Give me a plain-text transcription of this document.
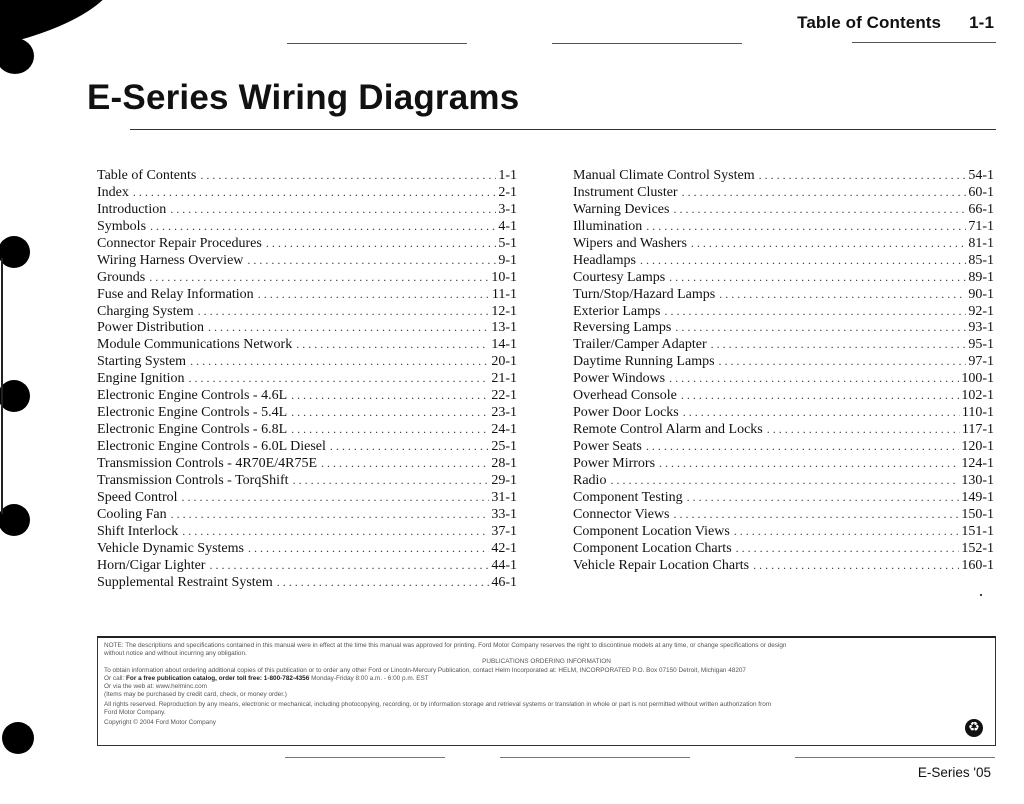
Table of Contents 1-1
E-Series Wiring Diagrams
Table of Contents . . .	1-1
Index . . .	2-1
Introduction . . .	3-1
Symbols . . .	4-1
Connector Repair Procedures . . .	5-1
Wiring Harness Overview . . .	9-1
Grounds . . .	10-1
Fuse and Relay Information . . .	11-1
Charging System . . .	12-1
Power Distribution . . .	13-1
Module Communications Network . . .	14-1
Starting System . . .	20-1
Engine Ignition . . .	21-1
Electronic Engine Controls - 4.6L . . .	22-1
Electronic Engine Controls - 5.4L . . .	23-1
Electronic Engine Controls - 6.8L . . .	24-1
Electronic Engine Controls - 6.0L Diesel . . .	25-1
Transmission Controls - 4R70E/4R75E . . .	28-1
Transmission Controls - TorqShift . . .	29-1
Speed Control . . .	31-1
Cooling Fan . . .	33-1
Shift Interlock . . .	37-1
Vehicle Dynamic Systems . . .	42-1
Horn/Cigar Lighter . . .	44-1
Supplemental Restraint System . . .	46-1
Manual Climate Control System . . .	54-1
Instrument Cluster . . .	60-1
Warning Devices . . .	66-1
Illumination . . .	71-1
Wipers and Washers . . .	81-1
Headlamps . . .	85-1
Courtesy Lamps . . .	89-1
Turn/Stop/Hazard Lamps . . .	90-1
Exterior Lamps . . .	92-1
Reversing Lamps . . .	93-1
Trailer/Camper Adapter . . .	95-1
Daytime Running Lamps . . .	97-1
Power Windows . . .	100-1
Overhead Console . . .	102-1
Power Door Locks . . .	110-1
Remote Control Alarm and Locks . . .	117-1
Power Seats . . .	120-1
Power Mirrors . . .	124-1
Radio . . .	130-1
Component Testing . . .	149-1
Connector Views . . .	150-1
Component Location Views . . .	151-1
Component Location Charts . . .	152-1
Vehicle Repair Location Charts . . .	160-1

NOTE: The descriptions and specifications contained in this manual were in effect at the time this manual was approved for printing. Ford Motor Company reserves the right to discontinue models at any time, or change specifications or design

without notice and without incurring any obligation.

PUBLICATIONS ORDERING INFORMATION

To obtain information about ordering additional copies of this publication or to order any other Ford or Lincoln-Mercury Publication, contact Helm Incorporated at: HELM, INCORPORATED P.O. Box 07150 Detroit, Michigan 48207

Or call: For a free publication catalog, order toll free: 1-800-782-4356 Monday-Friday 8:00 a.m. - 6:00 p.m. EST

Or via the web at: www.helminc.com

(Items may be purchased by credit card, check, or money order.)

All rights reserved. Reproduction by any means, electronic or mechanical, including photocopying, recording, or by information storage and retrieval systems or translation in whole or part is not permitted without written authorization from

Ford Motor Company.

Copyright © 2004 Ford Motor Company	♻
E-Series '05
